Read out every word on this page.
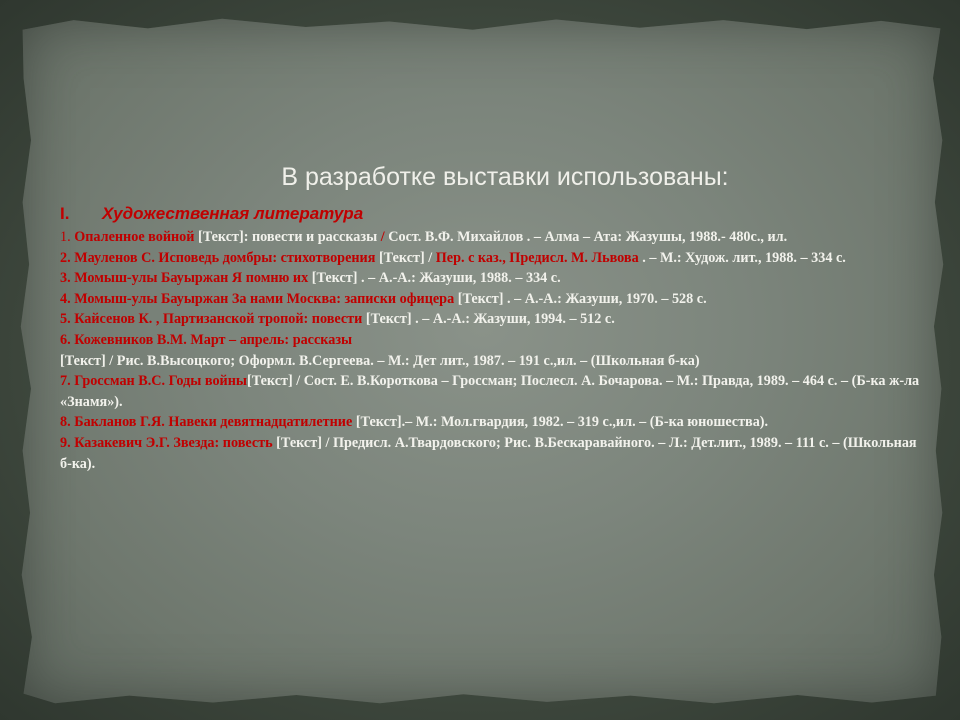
В разработке выставки использованы:
I. Художественная литература

1. Опаленное войной [Текст]: повести и рассказы / Сост. В.Ф. Михайлов . – Алма – Ата: Жазушы, 1988.- 480с., ил.

2. Мауленов С. Исповедь домбры: стихотворения [Текст] / Пер. с каз., Предисл. М. Львова . – М.: Худож. лит., 1988. – 334 с.

3. Момыш-улы Бауыржан Я помню их [Текст] . – А.-А.: Жазуши, 1988. – 334 с.

4. Момыш-улы Бауыржан За нами Москва: записки офицера [Текст] . – А.-А.: Жазуши, 1970. – 528 с.

5. Кайсенов К. , Партизанской тропой: повести [Текст] . – А.-А.: Жазуши, 1994. – 512 с.

6. Кожевников В.М. Март – апрель: рассказы
[Текст] / Рис. В.Высоцкого; Оформл. В.Сергеева. – М.: Дет лит., 1987. – 191 с.,ил. – (Школьная б-ка)

7. Гроссман В.С. Годы войны[Текст] / Сост. Е. В.Короткова – Гроссман; Послесл. А. Бочарова. – М.: Правда, 1989. – 464 с. – (Б-ка ж-ла «Знамя»).

8. Бакланов Г.Я. Навеки девятнадцатилетние [Текст].– М.: Мол.гвардия, 1982. – 319 с.,ил. – (Б-ка юношества).

9. Казакевич Э.Г. Звезда: повесть [Текст] / Предисл. А.Твардовского; Рис. В.Бескаравайного. – Л.: Дет.лит., 1989. – 111 с. – (Школьная б-ка).
